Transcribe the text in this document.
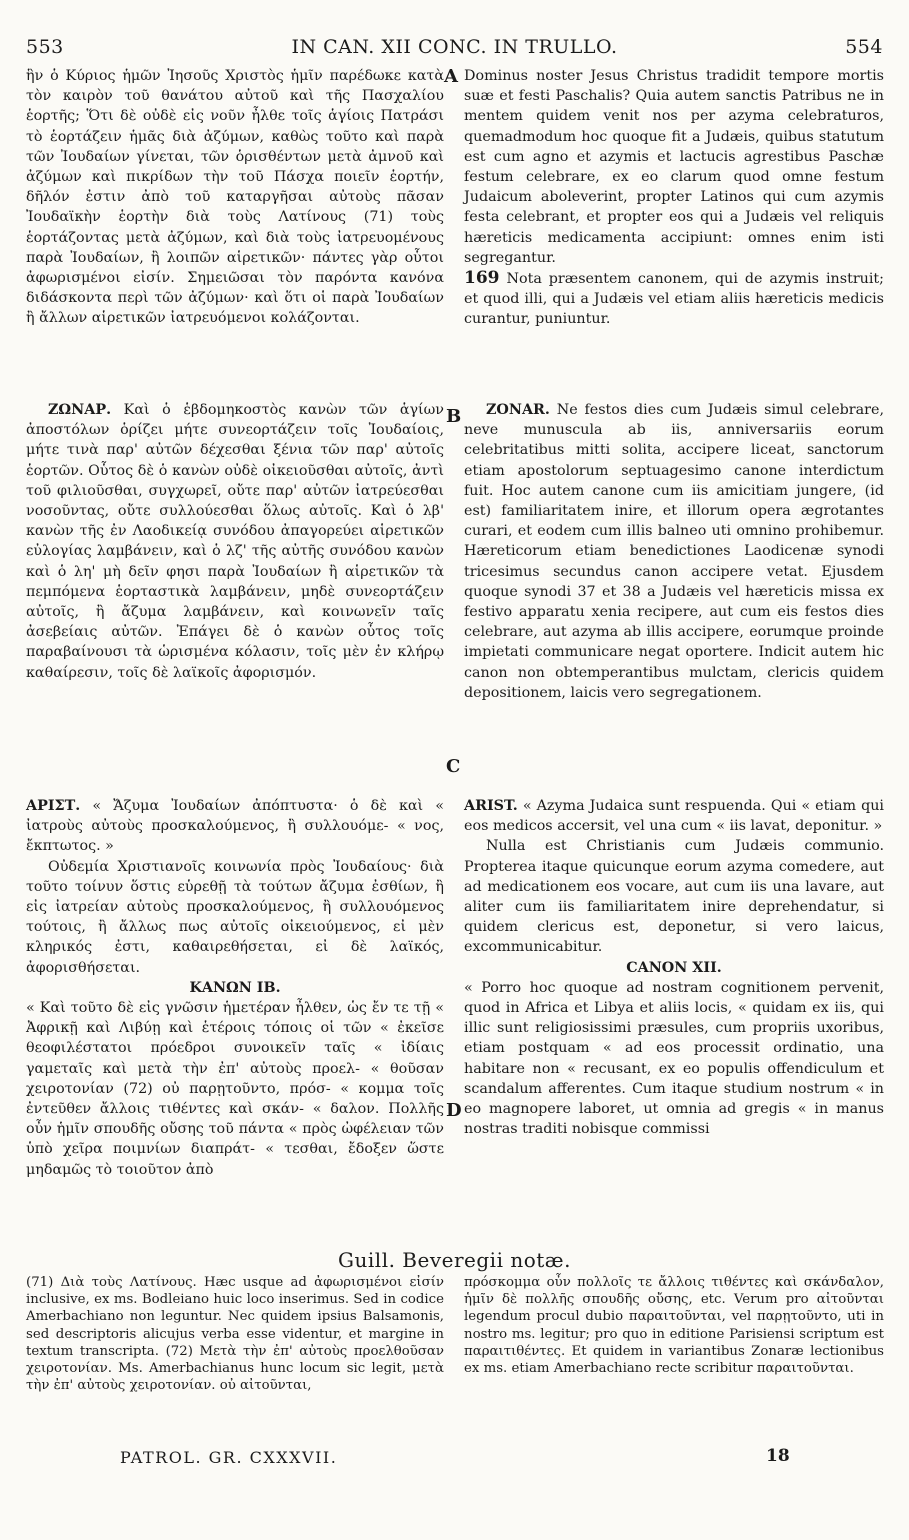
553	IN CAN. XII CONC. IN TRULLO.	554
A
B
C
D

ἣν ὁ Κύριος ἡμῶν Ἰησοῦς Χριστὸς ἡμῖν παρέδωκε κατὰ τὸν καιρὸν τοῦ θανάτου αὐτοῦ καὶ τῆς Πασχαλίου ἑορτῆς; Ὅτι δὲ οὐδὲ εἰς νοῦν ἦλθε τοῖς ἁγίοις Πατράσι τὸ ἑορτάζειν ἡμᾶς διὰ ἀζύμων, καθὼς τοῦτο καὶ παρὰ τῶν Ἰουδαίων γίνεται, τῶν ὁρισθέντων μετὰ ἀμνοῦ καὶ ἀζύμων καὶ πικρίδων τὴν τοῦ Πάσχα ποιεῖν ἑορτήν, δῆλόν ἐστιν ἀπὸ τοῦ καταργῆσαι αὐτοὺς πᾶσαν Ἰουδαϊκὴν ἑορτὴν διὰ τοὺς Λατίνους (71) τοὺς ἑορτάζοντας μετὰ ἀζύμων, καὶ διὰ τοὺς ἰατρευομένους παρὰ Ἰουδαίων, ἢ λοιπῶν αἱρετικῶν· πάντες γὰρ οὗτοι ἀφωρισμένοι εἰσίν. Σημειῶσαι τὸν παρόντα κανόνα διδάσκοντα περὶ τῶν ἀζύμων· καὶ ὅτι οἱ παρὰ Ἰουδαίων ἢ ἄλλων αἱρετικῶν ἰατρευόμενοι κολάζονται.

ΖΩΝΑΡ. Καὶ ὁ ἑβδομηκοστὸς κανὼν τῶν ἁγίων ἀποστόλων ὁρίζει μήτε συνεορτάζειν τοῖς Ἰουδαίοις, μήτε τινὰ παρ' αὐτῶν δέχεσθαι ξένια τῶν παρ' αὐτοῖς ἑορτῶν. Οὗτος δὲ ὁ κανὼν οὐδὲ οἰκειοῦσθαι αὐτοῖς, ἀντὶ τοῦ φιλιοῦσθαι, συγχωρεῖ, οὔτε παρ' αὐτῶν ἰατρεύεσθαι νοσοῦντας, οὔτε συλλούεσθαι ὅλως αὐτοῖς. Καὶ ὁ λβ' κανὼν τῆς ἐν Λαοδικείᾳ συνόδου ἀπαγορεύει αἱρετικῶν εὐλογίας λαμβάνειν, καὶ ὁ λζ' τῆς αὐτῆς συνόδου κανὼν καὶ ὁ λη' μὴ δεῖν φησι παρὰ Ἰουδαίων ἢ αἱρετικῶν τὰ πεμπόμενα ἑορταστικὰ λαμβάνειν, μηδὲ συνεορτάζειν αὐτοῖς, ἢ ἄζυμα λαμβάνειν, καὶ κοινωνεῖν ταῖς ἀσεβείαις αὐτῶν. Ἐπάγει δὲ ὁ κανὼν οὗτος τοῖς παραβαίνουσι τὰ ὡρισμένα κόλασιν, τοῖς μὲν ἐν κλήρῳ καθαίρεσιν, τοῖς δὲ λαϊκοῖς ἀφορισμόν.

ΑΡΙΣΤ. « Ἄζυμα Ἰουδαίων ἀπόπτυστα· ὁ δὲ καὶ « ἰατροὺς αὐτοὺς προσκαλούμενος, ἢ συλλουόμε- « νος, ἔκπτωτος. »

Οὐδεμία Χριστιανοῖς κοινωνία πρὸς Ἰουδαίους· διὰ τοῦτο τοίνυν ὅστις εὑρεθῇ τὰ τούτων ἄζυμα ἐσθίων, ἢ εἰς ἰατρείαν αὐτοὺς προσκαλούμενος, ἢ συλλουόμενος τούτοις, ἢ ἄλλως πως αὐτοῖς οἰκειούμενος, εἰ μὲν κληρικός ἐστι, καθαιρεθήσεται, εἰ δὲ λαϊκός, ἀφορισθήσεται.

ΚΑΝΩΝ ΙΒ.

« Καὶ τοῦτο δὲ εἰς γνῶσιν ἡμετέραν ἦλθεν, ὡς ἔν τε τῇ « Ἀφρικῇ καὶ Λιβύῃ καὶ ἑτέροις τόποις οἱ τῶν « ἐκεῖσε θεοφιλέστατοι πρόεδροι συνοικεῖν ταῖς « ἰδίαις γαμεταῖς καὶ μετὰ τὴν ἐπ' αὐτοὺς προελ- « θοῦσαν χειροτονίαν (72) οὐ παρῃτοῦντο, πρόσ- « κομμα τοῖς ἐντεῦθεν ἄλλοις τιθέντες καὶ σκάν- « δαλον. Πολλῆς οὖν ἡμῖν σπουδῆς οὔσης τοῦ πάντα « πρὸς ὠφέλειαν τῶν ὑπὸ χεῖρα ποιμνίων διαπράτ- « τεσθαι, ἔδοξεν ὥστε μηδαμῶς τὸ τοιοῦτον ἀπὸ

Dominus noster Jesus Christus tradidit tempore mortis suæ et festi Paschalis? Quia autem sanctis Patribus ne in mentem quidem venit nos per azyma celebraturos, quemadmodum hoc quoque fit a Judæis, quibus statutum est cum agno et azymis et lactucis agrestibus Paschæ festum celebrare, ex eo clarum quod omne festum Judaicum aboleverint, propter Latinos qui cum azymis festa celebrant, et propter eos qui a Judæis vel reliquis hæreticis medicamenta accipiunt: omnes enim isti segregantur.

169 Nota præsentem canonem, qui de azymis instruit; et quod illi, qui a Judæis vel etiam aliis hæreticis medicis curantur, puniuntur.

ZONAR. Ne festos dies cum Judæis simul celebrare, neve munuscula ab iis, anniversariis eorum celebritatibus mitti solita, accipere liceat, sanctorum etiam apostolorum septuagesimo canone interdictum fuit. Hoc autem canone cum iis amicitiam jungere, (id est) familiaritatem inire, et illorum opera ægrotantes curari, et eodem cum illis balneo uti omnino prohibemur. Hæreticorum etiam benedictiones Laodicenæ synodi tricesimus secundus canon accipere vetat. Ejusdem quoque synodi 37 et 38 a Judæis vel hæreticis missa ex festivo apparatu xenia recipere, aut cum eis festos dies celebrare, aut azyma ab illis accipere, eorumque proinde impietati communicare negat oportere. Indicit autem hic canon non obtemperantibus mulctam, clericis quidem depositionem, laicis vero segregationem.

ARIST. « Azyma Judaica sunt respuenda. Qui « etiam qui eos medicos accersit, vel una cum « iis lavat, deponitur. »

Nulla est Christianis cum Judæis communio. Propterea itaque quicunque eorum azyma comedere, aut ad medicationem eos vocare, aut cum iis una lavare, aut aliter cum iis familiaritatem inire deprehendatur, si quidem clericus est, deponetur, si vero laicus, excommunicabitur.

CANON XII.

« Porro hoc quoque ad nostram cognitionem pervenit, quod in Africa et Libya et aliis locis, « quidam ex iis, qui illic sunt religiosissimi præsules, cum propriis uxoribus, etiam postquam « ad eos processit ordinatio, una habitare non « recusant, ex eo populis offendiculum et scandalum afferentes. Cum itaque studium nostrum « in eo magnopere laboret, ut omnia ad gregis « in manus nostras traditi nobisque commissi

Guill. Beveregii notæ.
(71) Διὰ τοὺς Λατίνους. Hæc usque ad ἀφωρισμένοι εἰσίν inclusive, ex ms. Bodleiano huic loco inserimus. Sed in codice Amerbachiano non leguntur. Nec quidem ipsius Balsamonis, sed descriptoris alicujus verba esse videntur, et margine in textum transcripta. (72) Μετὰ τὴν ἐπ' αὐτοὺς προελθοῦσαν χειροτονίαν. Ms. Amerbachianus hunc locum sic legit, μετὰ τὴν ἐπ' αὐτοὺς χειροτονίαν. οὐ αἰτοῦνται,
πρόσκομμα οὖν πολλοῖς τε ἄλλοις τιθέντες καὶ σκάνδαλον, ἡμῖν δὲ πολλῆς σπουδῆς οὔσης, etc. Verum pro αἰτοῦνται legendum procul dubio παραιτοῦνται, vel παρῃτοῦντο, uti in nostro ms. legitur; pro quo in editione Parisiensi scriptum est παραιτιθέντες. Et quidem in variantibus Zonaræ lectionibus ex ms. etiam Amerbachiano recte scribitur παραιτοῦνται.
PATROL. GR. CXXXVII.	18
